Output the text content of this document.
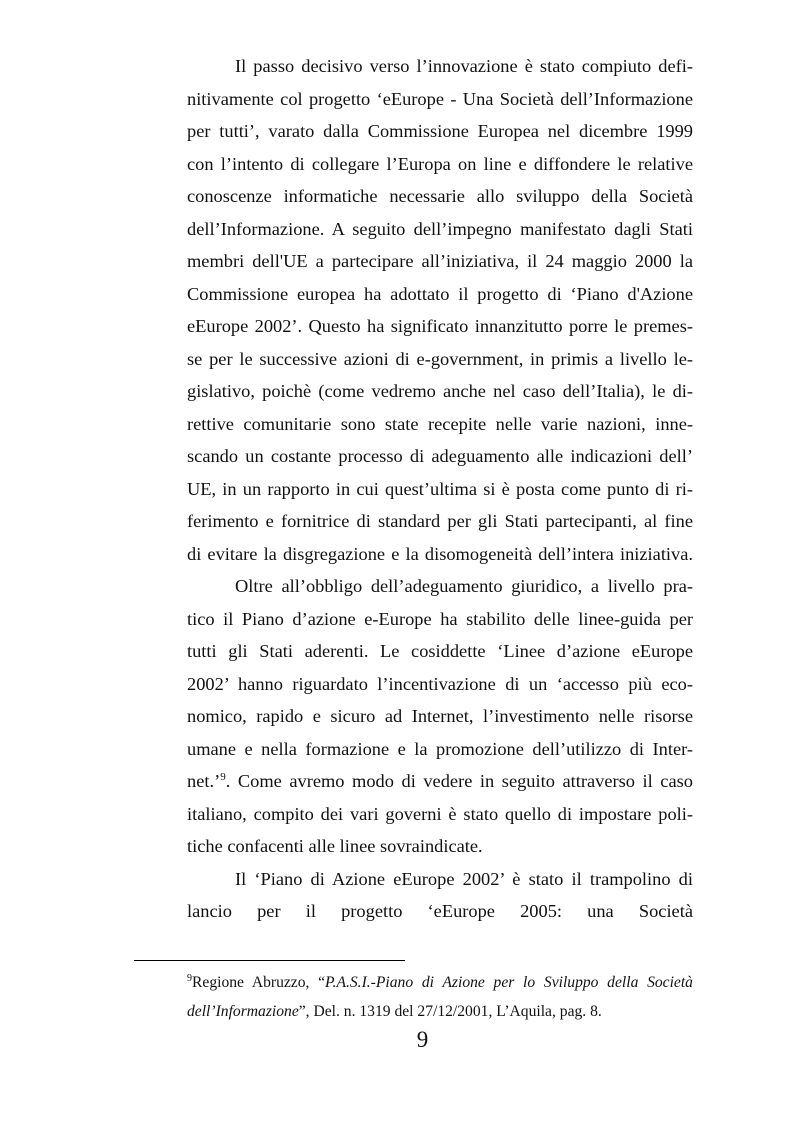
Il passo decisivo verso l’innovazione è stato compiuto defi-
nitivamente col progetto ‘eEurope - Una Società dell’Informazione
per tutti’, varato dalla Commissione Europea nel dicembre 1999
con l’intento di collegare l’Europa on line e diffondere le relative
conoscenze informatiche necessarie allo sviluppo della Società
dell’Informazione. A seguito dell’impegno manifestato dagli Stati
membri dell'UE a partecipare all’iniziativa, il 24 maggio 2000 la
Commissione europea ha adottato il progetto di ‘Piano d'Azione
eEurope 2002’. Questo ha significato innanzitutto porre le premes-
se per le successive azioni di e-government, in primis a livello le-
gislativo, poichè (come vedremo anche nel caso dell’Italia), le di-
rettive comunitarie sono state recepite nelle varie nazioni, inne-
scando un costante processo di adeguamento alle indicazioni dell’
UE, in un rapporto in cui quest’ultima si è posta come punto di ri-
ferimento e fornitrice di standard per gli Stati partecipanti, al fine
di evitare la disgregazione e la disomogeneità dell’intera iniziativa.
Oltre all’obbligo dell’adeguamento giuridico, a livello pra-
tico il Piano d’azione e-Europe ha stabilito delle linee-guida per
tutti gli Stati aderenti. Le cosiddette ‘Linee d’azione eEurope
2002’ hanno riguardato l’incentivazione di un ‘accesso più eco-
nomico, rapido e sicuro ad Internet, l’investimento nelle risorse
umane e nella formazione e la promozione dell’utilizzo di Inter-
net.’$^9$. Come avremo modo di vedere in seguito attraverso il caso
italiano, compito dei vari governi è stato quello di impostare poli-
tiche confacenti alle linee sovraindicate.
Il ‘Piano di Azione eEurope 2002’ è stato il trampolino di
lancio per il progetto ‘eEurope 2005: una Società
$^9$Regione Abruzzo, “P.A.S.I.-Piano di Azione per lo Sviluppo della Società
dell’Informazione”, Del. n. 1319 del 27/12/2001, L’Aquila, pag. 8.
9
